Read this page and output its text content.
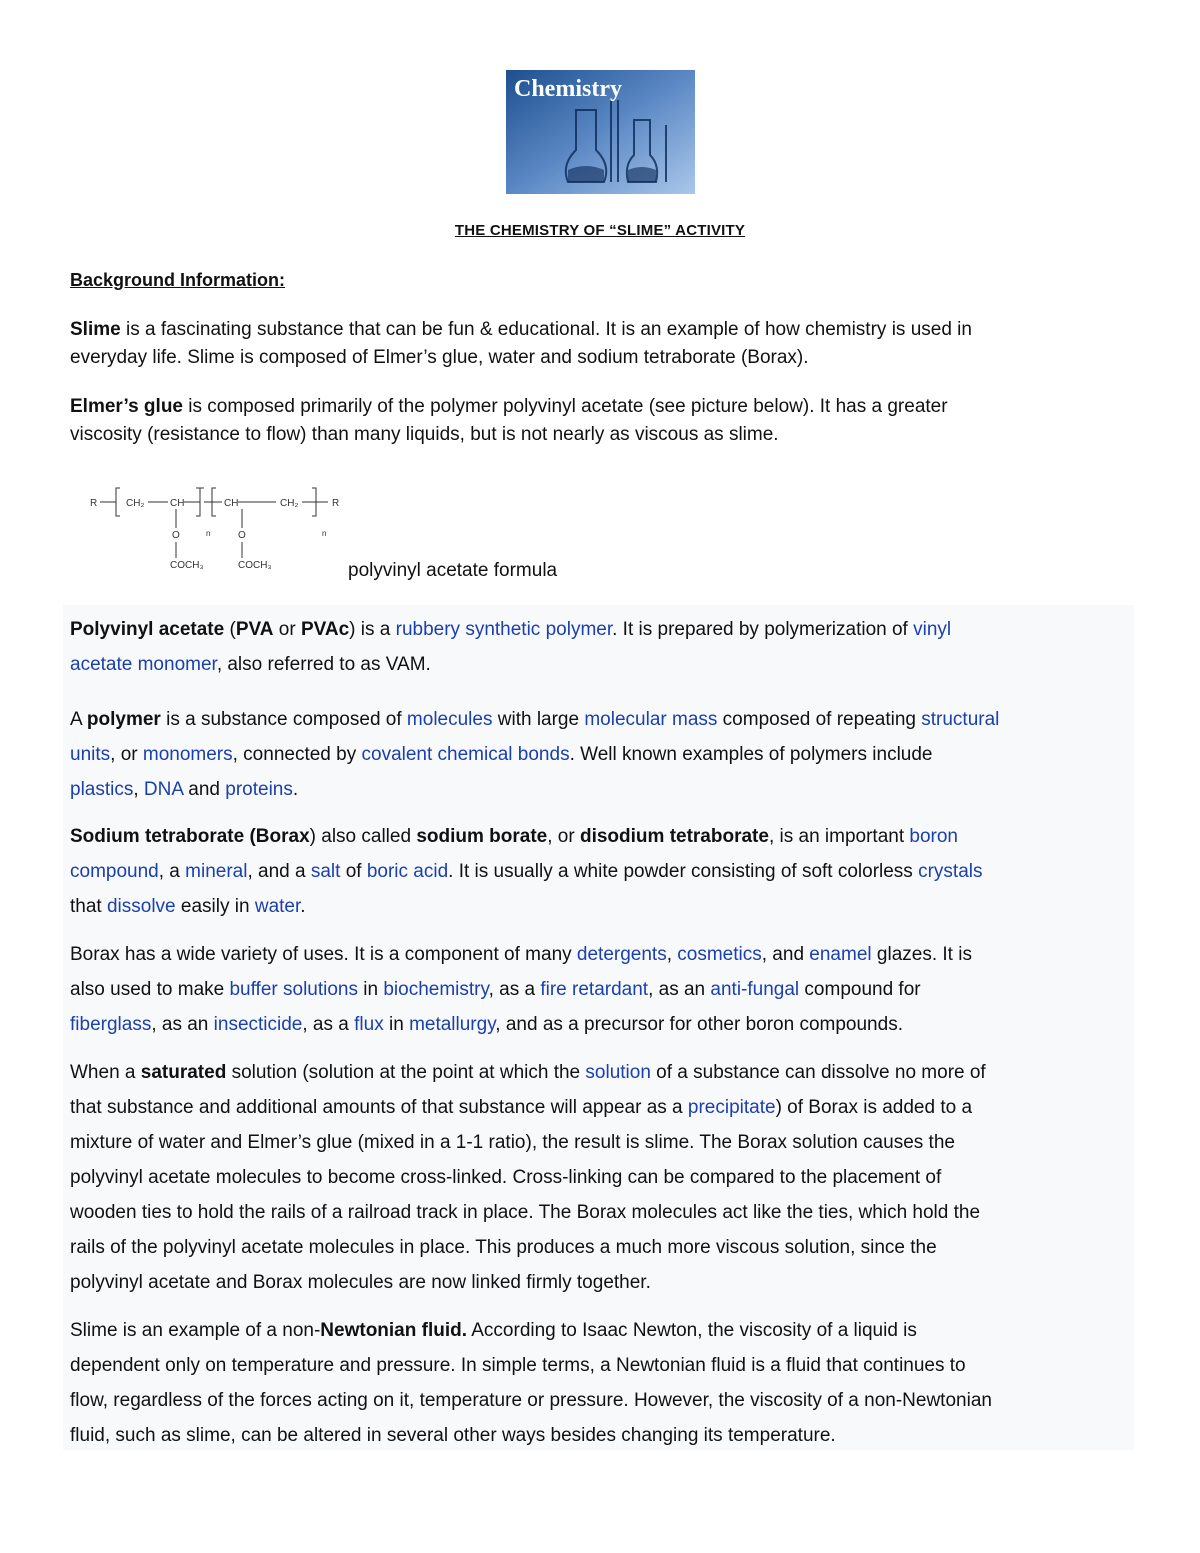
Chemistry
THE CHEMISTRY OF “SLIME” ACTIVITY
Background Information:
Slime is a fascinating substance that can be fun & educational. It is an example of how chemistry is used in
everyday life. Slime is composed of Elmer’s glue, water and sodium tetraborate (Borax).
Elmer’s glue is composed primarily of the polymer polyvinyl acetate (see picture below). It has a greater
viscosity (resistance to flow) than many liquids, but is not nearly as viscous as slime.
R	CH₂	CH	CH	CH₂	R
O	O
n	n
COCH₃	COCH₃	polyvinyl acetate formula
Polyvinyl acetate (PVA or PVAc) is a rubbery synthetic polymer. It is prepared by polymerization of vinyl
acetate monomer, also referred to as VAM.
A polymer is a substance composed of molecules with large molecular mass composed of repeating structural
units, or monomers, connected by covalent chemical bonds. Well known examples of polymers include
plastics, DNA and proteins.
Sodium tetraborate (Borax) also called sodium borate, or disodium tetraborate, is an important boron
compound, a mineral, and a salt of boric acid. It is usually a white powder consisting of soft colorless crystals
that dissolve easily in water.
Borax has a wide variety of uses. It is a component of many detergents, cosmetics, and enamel glazes. It is
also used to make buffer solutions in biochemistry, as a fire retardant, as an anti-fungal compound for
fiberglass, as an insecticide, as a flux in metallurgy, and as a precursor for other boron compounds.
When a saturated solution (solution at the point at which the solution of a substance can dissolve no more of
that substance and additional amounts of that substance will appear as a precipitate) of Borax is added to a
mixture of water and Elmer’s glue (mixed in a 1-1 ratio), the result is slime. The Borax solution causes the
polyvinyl acetate molecules to become cross-linked. Cross-linking can be compared to the placement of
wooden ties to hold the rails of a railroad track in place. The Borax molecules act like the ties, which hold the
rails of the polyvinyl acetate molecules in place. This produces a much more viscous solution, since the
polyvinyl acetate and Borax molecules are now linked firmly together.
Slime is an example of a non-Newtonian fluid. According to Isaac Newton, the viscosity of a liquid is
dependent only on temperature and pressure. In simple terms, a Newtonian fluid is a fluid that continues to
flow, regardless of the forces acting on it, temperature or pressure. However, the viscosity of a non-Newtonian
fluid, such as slime, can be altered in several other ways besides changing its temperature.
